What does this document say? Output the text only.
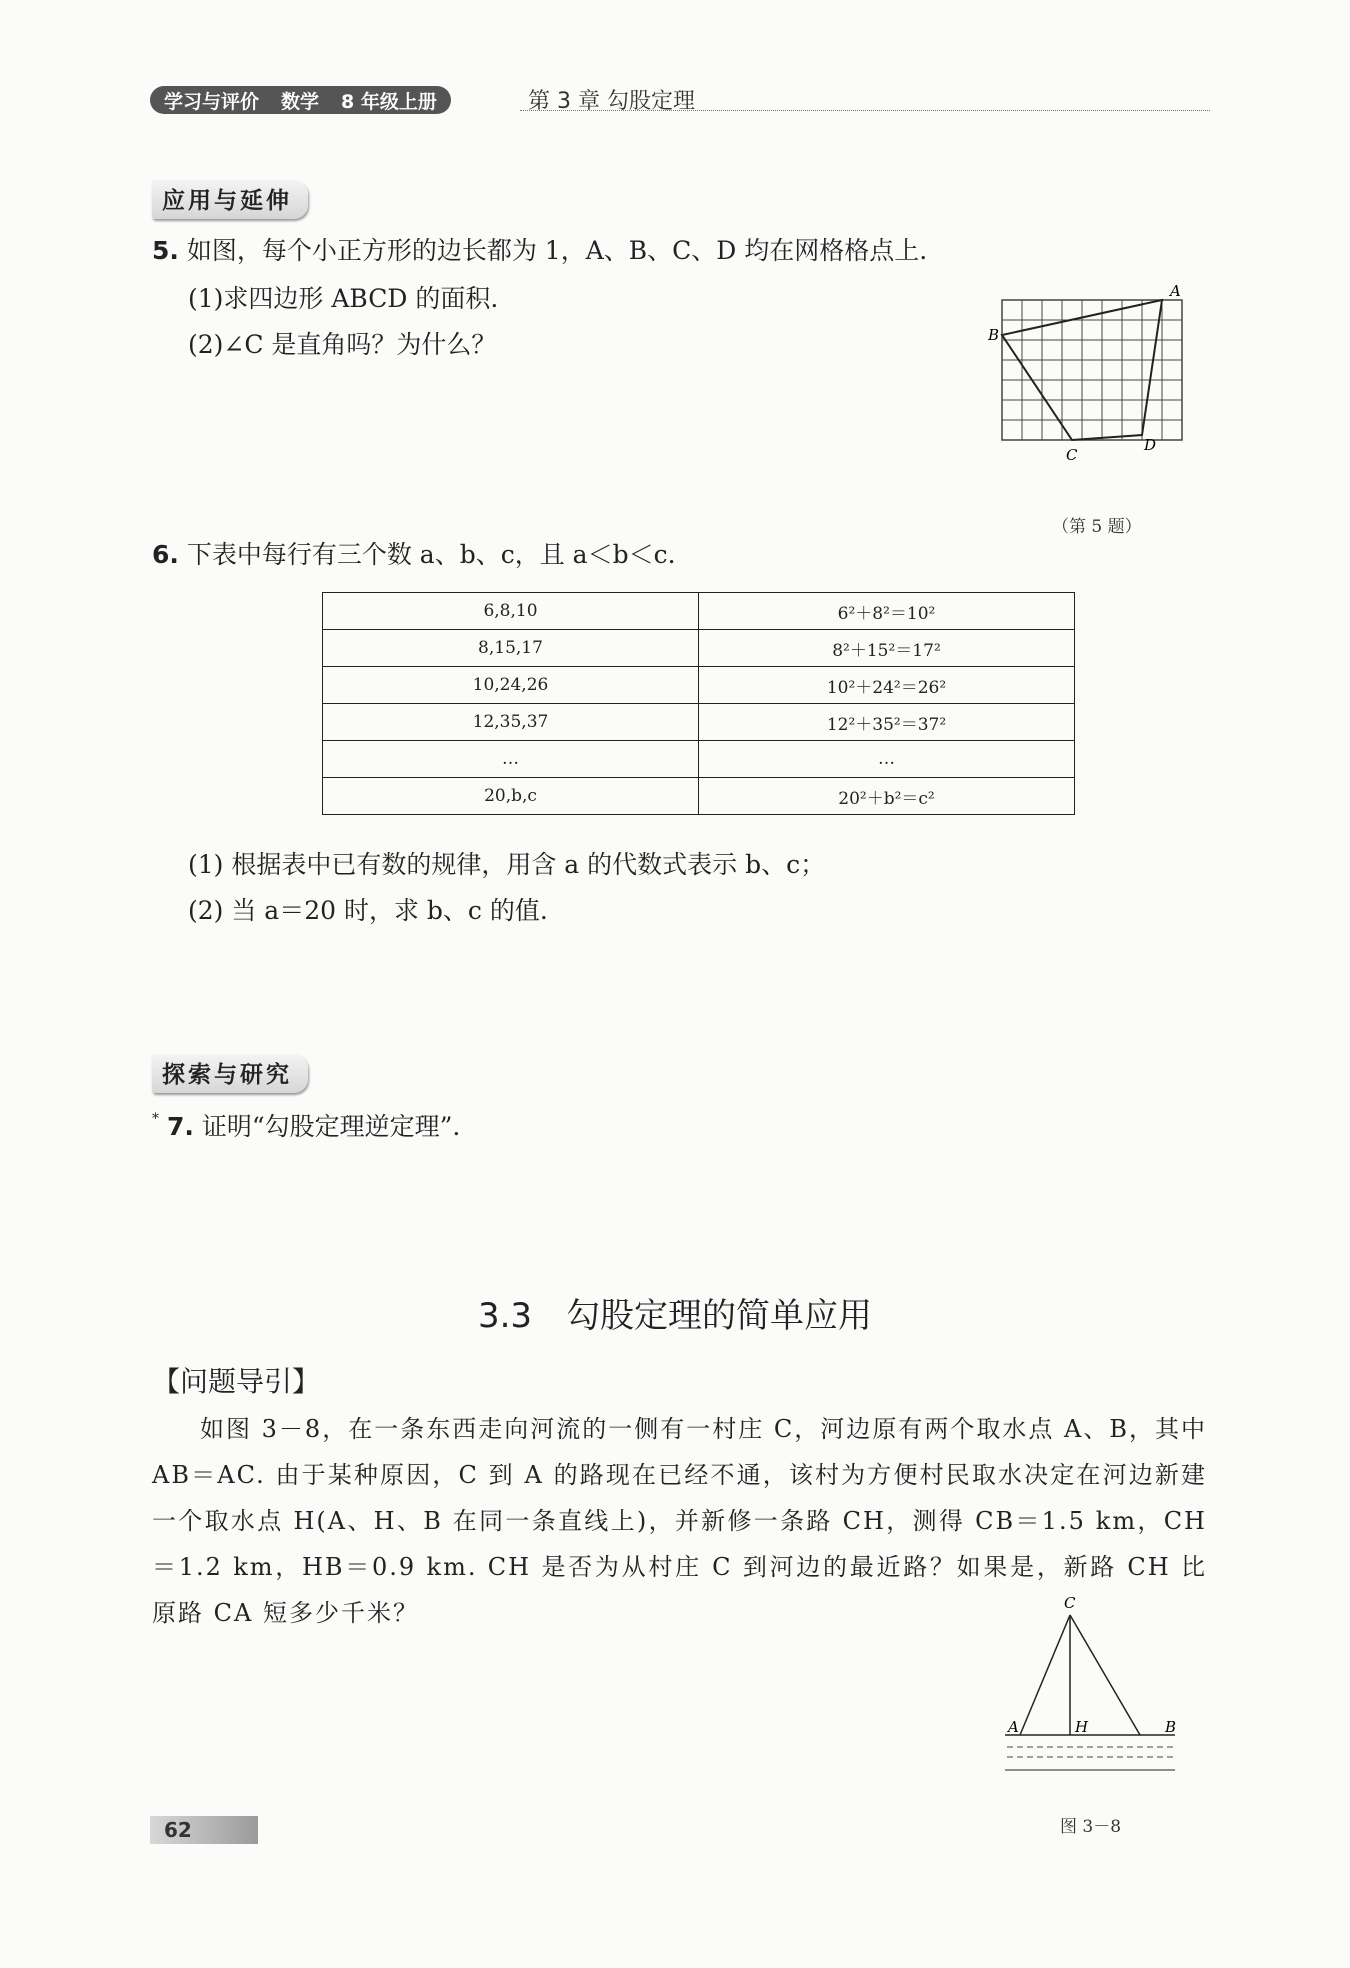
学习与评价 数学 8 年级上册	第 3 章 勾股定理
应用与延伸
5. 如图，每个小正方形的边长都为 1，A、B、C、D 均在网格格点上.
(1)求四边形 ABCD 的面积.
(2)∠C 是直角吗？为什么？
A
B
C
D
（第 5 题）
6. 下表中每行有三个数 a、b、c，且 a＜b＜c.
6,8,10	6²＋8²＝10²
8,15,17	8²＋15²＝17²
10,24,26	10²＋24²＝26²
12,35,37	12²＋35²＝37²
…	…
20,b,c	20²＋b²＝c²
(1) 根据表中已有数的规律，用含 a 的代数式表示 b、c；
(2) 当 a＝20 时，求 b、c 的值.
探索与研究
* 7. 证明“勾股定理逆定理”.
3.3 勾股定理的简单应用
【问题导引】

如图 3－8，在一条东西走向河流的一侧有一村庄 C，河边原有两个取水点 A、B，其中 AB＝AC. 由于某种原因，C 到 A 的路现在已经不通，该村为方便村民取水决定在河边新建一个取水点 H(A、H、B 在同一条直线上)，并新修一条路 CH，测得 CB＝1.5 km，CH＝1.2 km，HB＝0.9 km. CH 是否为从村庄 C 到河边的最近路？如果是，新路 CH 比原路 CA 短多少千米？	C
A	H	B
图 3－8
62
